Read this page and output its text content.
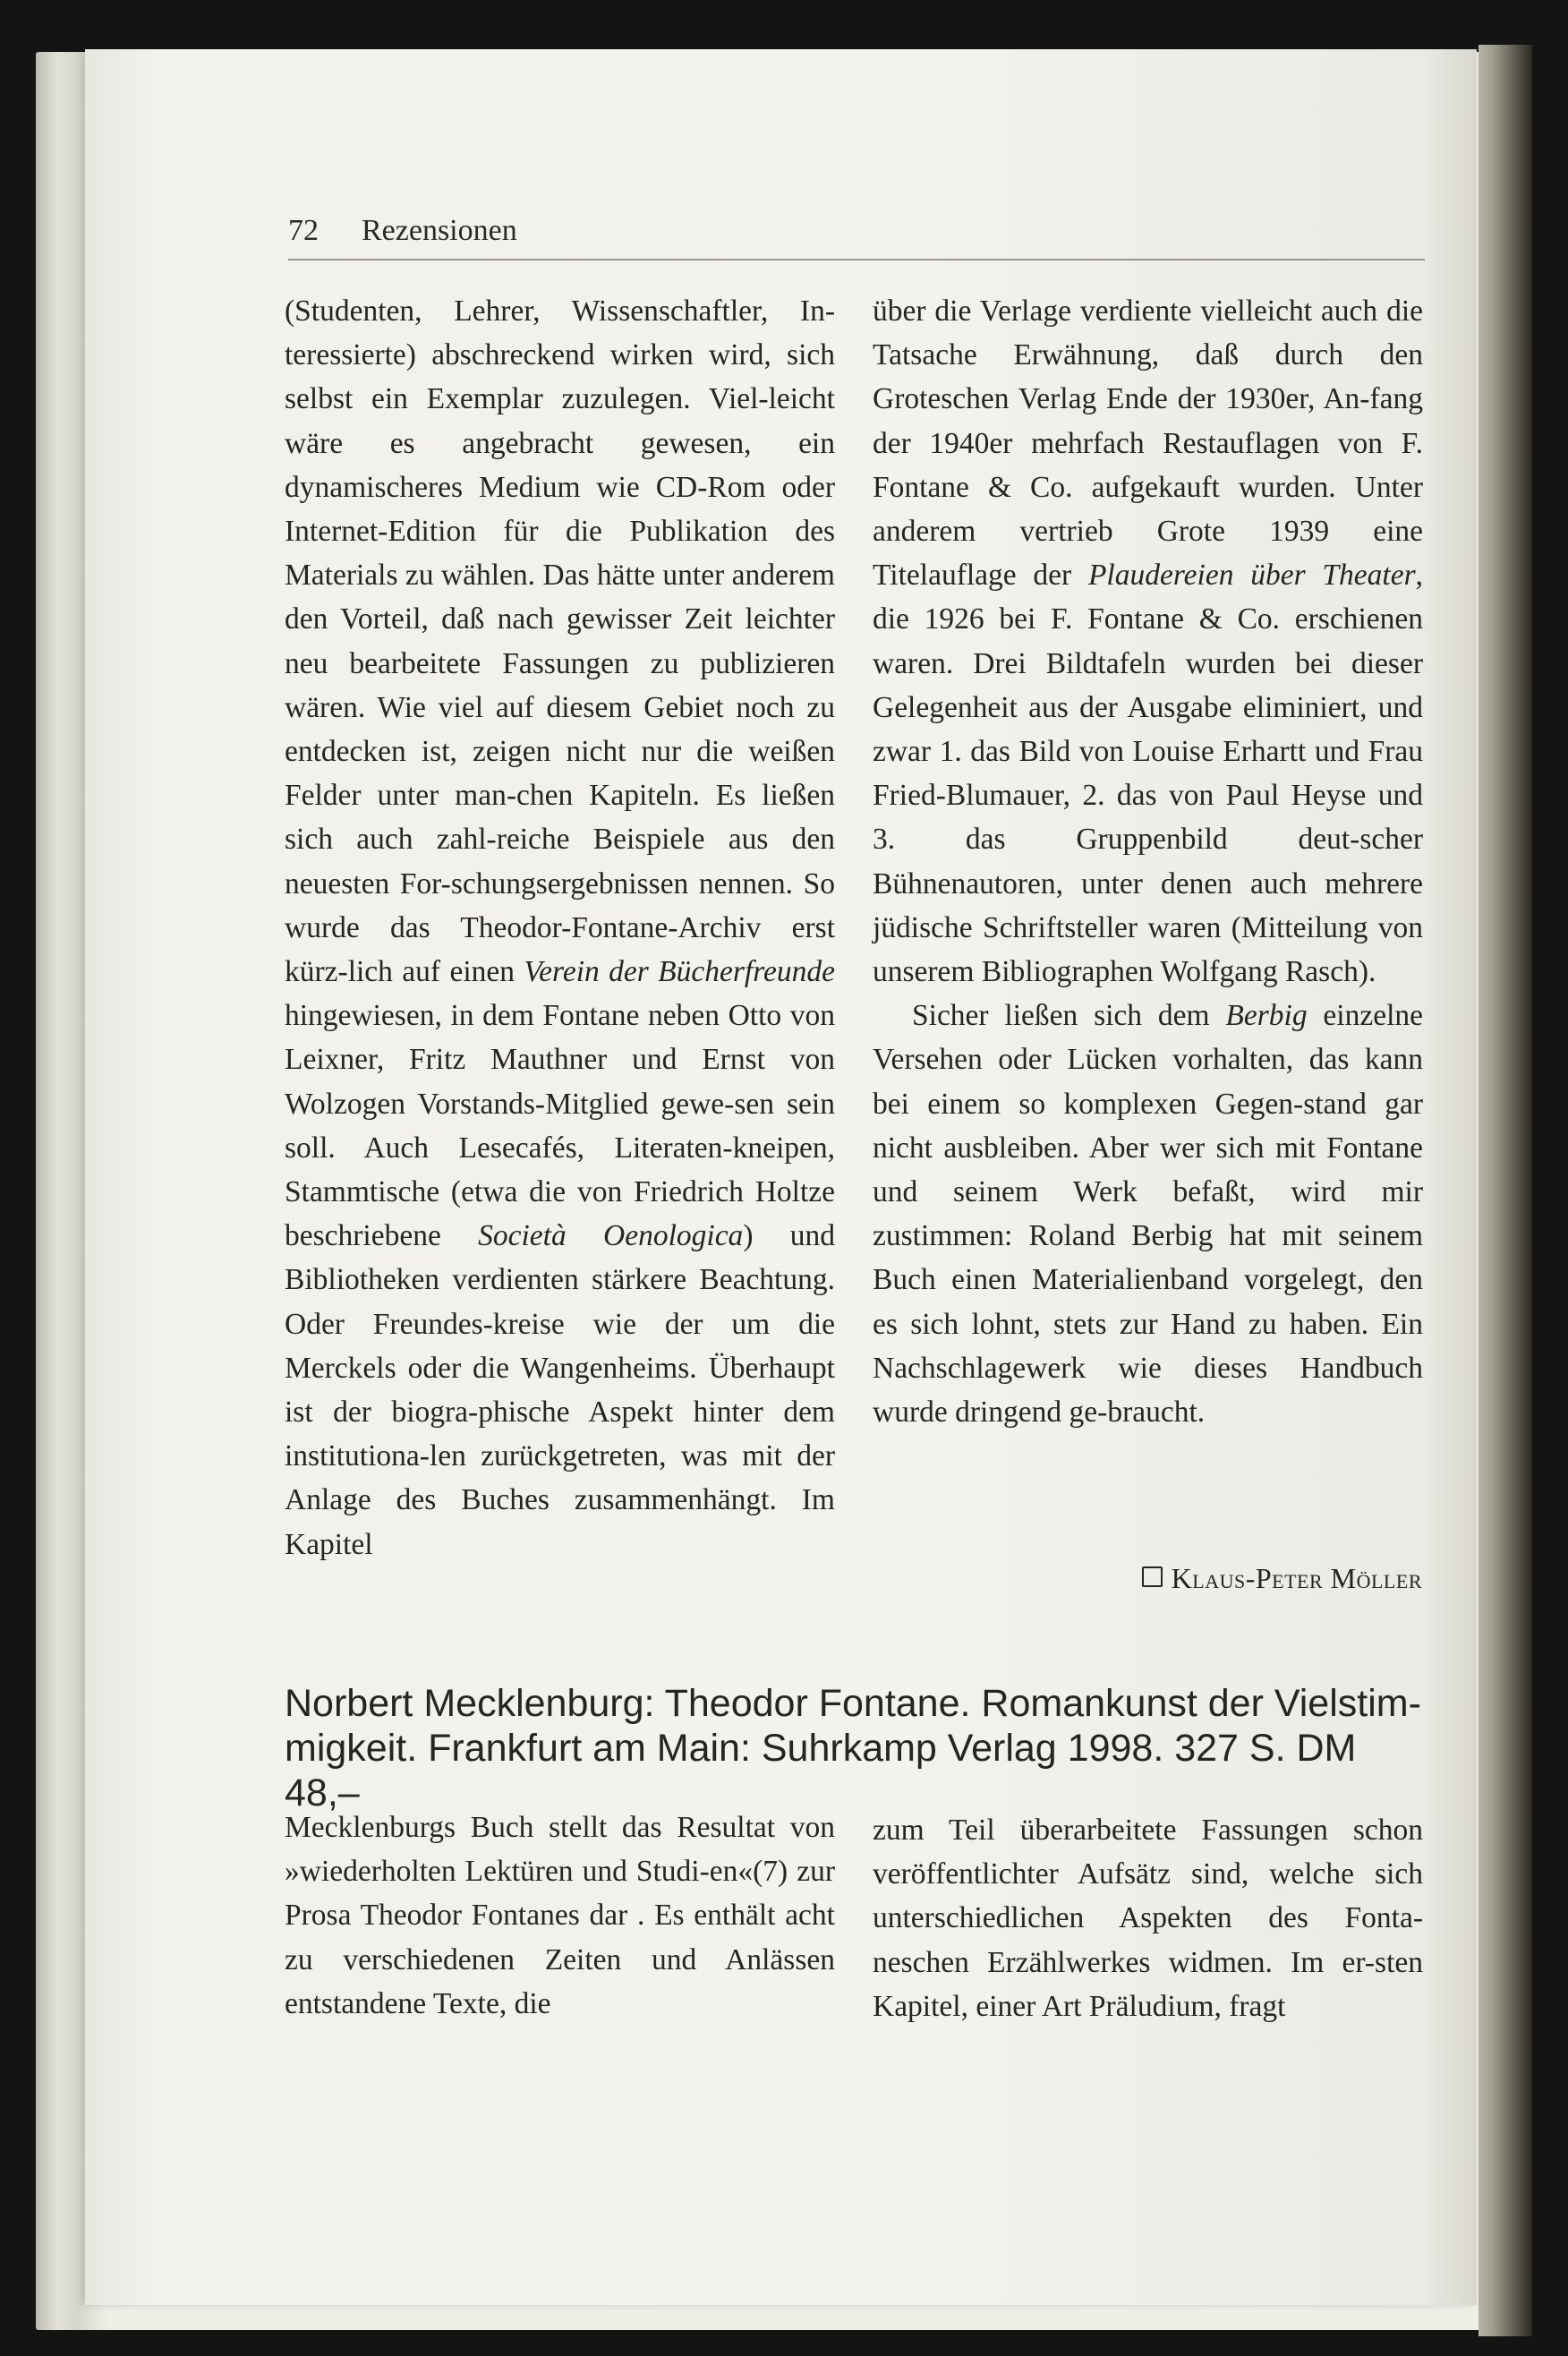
72 Rezensionen

(Studenten, Lehrer, Wissenschaftler, In-teressierte) abschreckend wirken wird, sich selbst ein Exemplar zuzulegen. Viel-leicht wäre es angebracht gewesen, ein dynamischeres Medium wie CD-Rom oder Internet-Edition für die Publikation des Materials zu wählen. Das hätte unter anderem den Vorteil, daß nach gewisser Zeit leichter neu bearbeitete Fassungen zu publizieren wären. Wie viel auf diesem Gebiet noch zu entdecken ist, zeigen nicht nur die weißen Felder unter man-chen Kapiteln. Es ließen sich auch zahl-reiche Beispiele aus den neuesten For-schungsergebnissen nennen. So wurde das Theodor-Fontane-Archiv erst kürz-lich auf einen Verein der Bücherfreunde hingewiesen, in dem Fontane neben Otto von Leixner, Fritz Mauthner und Ernst von Wolzogen Vorstands-Mitglied gewe-sen sein soll. Auch Lesecafés, Literaten-kneipen, Stammtische (etwa die von Friedrich Holtze beschriebene Società Oenologica) und Bibliotheken verdienten stärkere Beachtung. Oder Freundes-kreise wie der um die Merckels oder die Wangenheims. Überhaupt ist der biogra-phische Aspekt hinter dem institutiona-len zurückgetreten, was mit der Anlage des Buches zusammenhängt. Im Kapitel

über die Verlage verdiente vielleicht auch die Tatsache Erwähnung, daß durch den Groteschen Verlag Ende der 1930er, An-fang der 1940er mehrfach Restauflagen von F. Fontane & Co. aufgekauft wurden. Unter anderem vertrieb Grote 1939 eine Titelauflage der Plaudereien über Theater, die 1926 bei F. Fontane & Co. erschienen waren. Drei Bildtafeln wurden bei dieser Gelegenheit aus der Ausgabe eliminiert, und zwar 1. das Bild von Louise Erhartt und Frau Fried-Blumauer, 2. das von Paul Heyse und 3. das Gruppenbild deut-scher Bühnenautoren, unter denen auch mehrere jüdische Schriftsteller waren (Mitteilung von unserem Bibliographen Wolfgang Rasch).

Sicher ließen sich dem Berbig einzelne Versehen oder Lücken vorhalten, das kann bei einem so komplexen Gegen-stand gar nicht ausbleiben. Aber wer sich mit Fontane und seinem Werk befaßt, wird mir zustimmen: Roland Berbig hat mit seinem Buch einen Materialienband vorgelegt, den es sich lohnt, stets zur Hand zu haben. Ein Nachschlagewerk wie dieses Handbuch wurde dringend ge-braucht.

Klaus-Peter Möller
Norbert Mecklenburg: Theodor Fontane. Romankunst der Vielstim-
migkeit. Frankfurt am Main: Suhrkamp Verlag 1998. 327 S. DM 48,–

Mecklenburgs Buch stellt das Resultat von »wiederholten Lektüren und Studi-en«(7) zur Prosa Theodor Fontanes dar . Es enthält acht zu verschiedenen Zeiten und Anlässen entstandene Texte, die

zum Teil überarbeitete Fassungen schon veröffentlichter Aufsätz sind, welche sich unterschiedlichen Aspekten des Fonta-neschen Erzählwerkes widmen. Im er-sten Kapitel, einer Art Präludium, fragt
